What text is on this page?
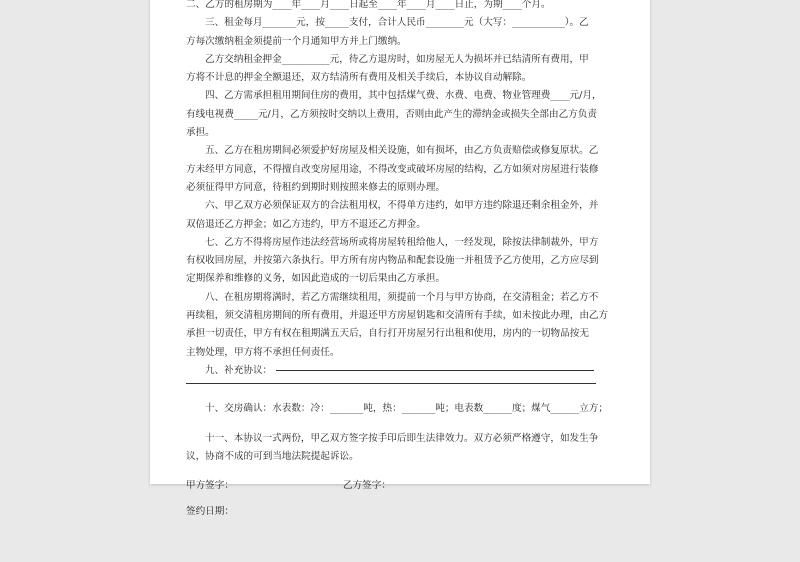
二、乙方的租房期为____年____月____日起至____年____月____日止，为期____个月。

三、租金每月_______元，按_____支付，合计人民币________元（大写：___________）。乙

方每次缴纳租金须提前一个月通知甲方并上门缴纳。

乙方交纳租金押金__________元，待乙方退房时，如房屋无人为损坏并已结清所有费用，甲

方将不计息的押金全额退还，双方结清所有费用及相关手续后，本协议自动解除。

四、乙方需承担租用期间住房的费用，其中包括煤气费、水费、电费、物业管理费____元/月，

有线电视费_____元/月，乙方须按时交纳以上费用，否则由此产生的滞纳金或损失全部由乙方负责

承担。

五、乙方在租房期间必须爱护好房屋及相关设施，如有损坏，由乙方负责赔偿或修复原状。乙

方未经甲方同意，不得擅自改变房屋用途，不得改变或破坏房屋的结构，乙方如须对房屋进行装修

必须征得甲方同意，待租约到期时则按照来修去的原则办理。

六、甲乙双方必须保证双方的合法租用权，不得单方违约，如甲方违约除退还剩余租金外，并

双倍退还乙方押金；如乙方违约，甲方不退还乙方押金。

七、乙方不得将房屋作违法经营场所或将房屋转租给他人，一经发现，除按法律制裁外，甲方

有权收回房屋，并按第六条执行。甲方所有房内物品和配套设施一并租赁予乙方使用，乙方应尽到

定期保养和维修的义务，如因此造成的一切后果由乙方承担。

八、在租房期将满时，若乙方需继续租用，须提前一个月与甲方协商，在交清租金；若乙方不

再续租，须交清租房期间的所有费用，并退还甲方房屋钥匙和交清所有手续，如未按此办理，由乙方

承担一切责任，甲方有权在租期满五天后，自行打开房屋另行出租和使用，房内的一切物品按无

主物处理，甲方将不承担任何责任。

九、补充协议：

十、交房确认：水表数：冷：_______吨，热：_______吨；电表数______度；煤气______立方；

十一、本协议一式两份，甲乙双方签字按手印后即生法律效力。双方必须严格遵守，如发生争

议，协商不成的可到当地法院提起诉讼。

甲方签字：	乙方签字：

签约日期：
